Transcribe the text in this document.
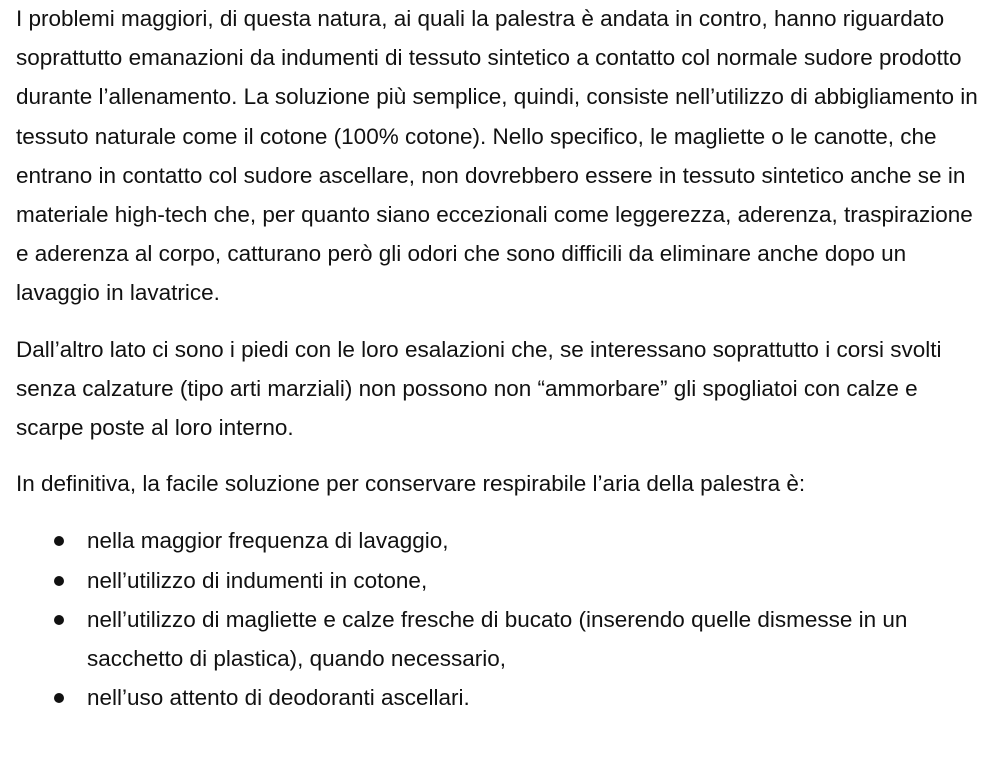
I problemi maggiori, di questa natura, ai quali la palestra è andata in contro, hanno riguardato soprattutto emanazioni da indumenti di tessuto sintetico a contatto col normale sudore prodotto durante l’allenamento. La soluzione più semplice, quindi, consiste nell’utilizzo di abbigliamento in tessuto naturale come il cotone (100% cotone). Nello specifico, le magliette o le canotte, che entrano in contatto col sudore ascellare, non dovrebbero essere in tessuto sintetico anche se in materiale high-tech che, per quanto siano eccezionali come leggerezza, aderenza, traspirazione e aderenza al corpo, catturano però gli odori che sono difficili da eliminare anche dopo un lavaggio in lavatrice.

Dall’altro lato ci sono i piedi con le loro esalazioni che, se interessano soprattutto i corsi svolti senza calzature (tipo arti marziali) non possono non “ammorbare” gli spogliatoi con calze e scarpe poste al loro interno.

In definitiva, la facile soluzione per conservare respirabile l’aria della palestra è:

nella maggior frequenza di lavaggio,
nell’utilizzo di indumenti in cotone,
nell’utilizzo di magliette e calze fresche di bucato (inserendo quelle dismesse in un sacchetto di plastica), quando necessario,
nell’uso attento di deodoranti ascellari.
